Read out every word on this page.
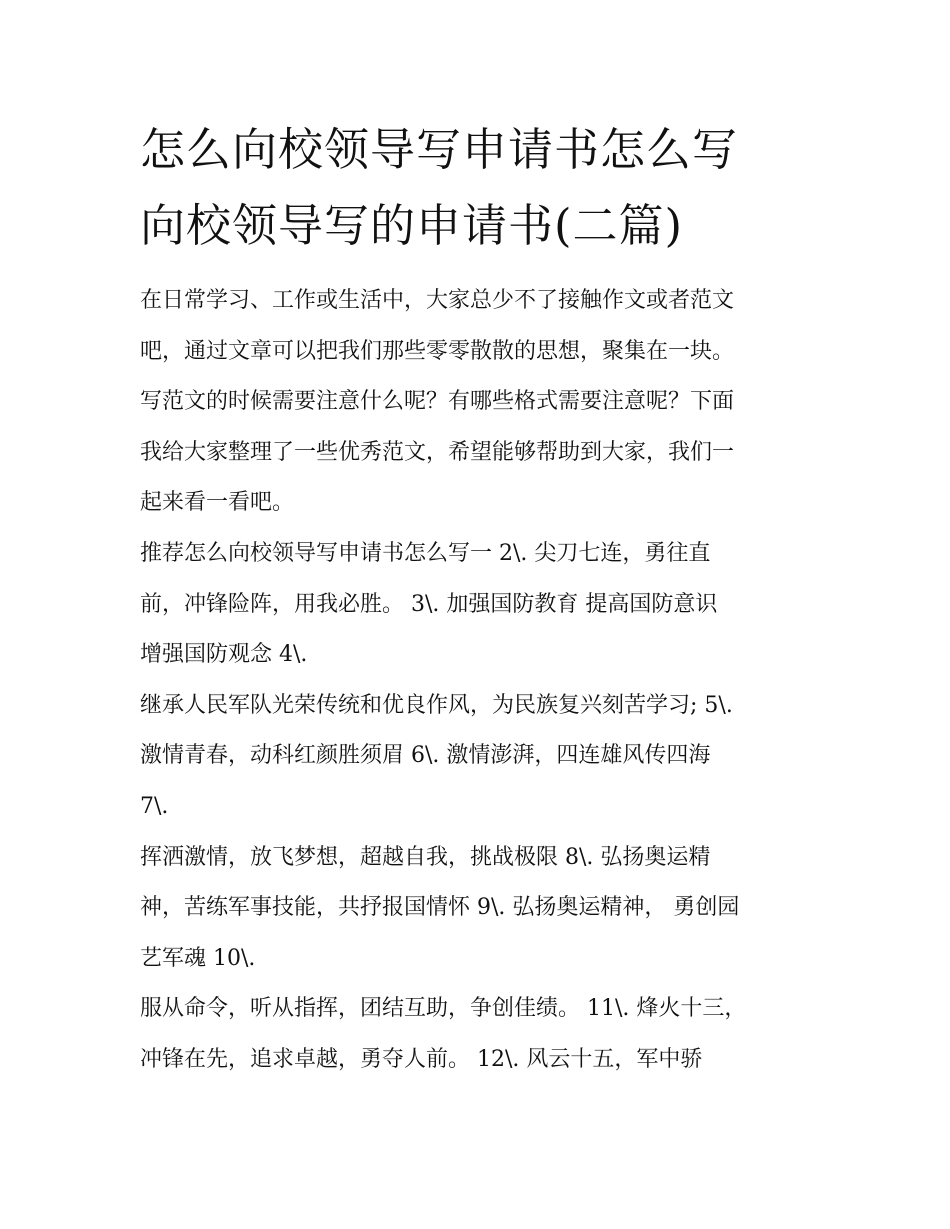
怎么向校领导写申请书怎么写
向校领导写的申请书(二篇)

在日常学习、工作或生活中，大家总少不了接触作文或者范文
吧，通过文章可以把我们那些零零散散的思想，聚集在一块。
写范文的时候需要注意什么呢？有哪些格式需要注意呢？下面
我给大家整理了一些优秀范文，希望能够帮助到大家，我们一
起来看一看吧。

推荐怎么向校领导写申请书怎么写一 2\. 尖刀七连，勇往直
前，冲锋险阵，用我必胜。 3\. 加强国防教育 提高国防意识
增强国防观念 4\.

继承人民军队光荣传统和优良作风，为民族复兴刻苦学习; 5\.
激情青春，动科红颜胜须眉 6\. 激情澎湃，四连雄风传四海
7\.

挥洒激情，放飞梦想，超越自我，挑战极限 8\. 弘扬奥运精
神，苦练军事技能，共抒报国情怀 9\. 弘扬奥运精神， 勇创园
艺军魂 10\.

服从命令，听从指挥，团结互助，争创佳绩。 11\. 烽火十三，
冲锋在先，追求卓越，勇夺人前。 12\. 风云十五，军中骄
